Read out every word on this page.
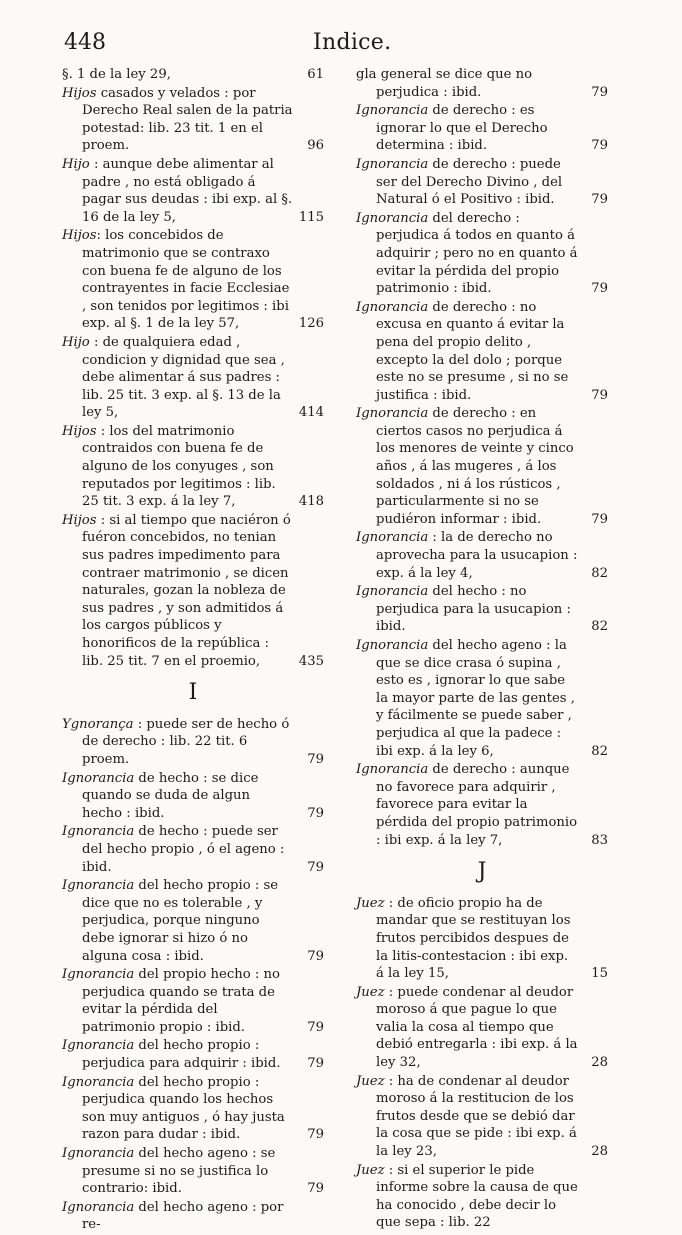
448	Indice.
§. 1 de la ley 29,	61
Hijos casados y velados : por Derecho Real salen de la patria potestad: lib. 23 tit. 1 en el proem.	96
Hijo : aunque debe alimentar al padre , no está obligado á pagar sus deudas : ibi exp. al §. 16 de la ley 5,	115
Hijos: los concebidos de matrimonio que se contraxo con buena fe de alguno de los contrayentes in facie Ecclesiae , son tenidos por legitimos : ibi exp. al §. 1 de la ley 57,	126
Hijo : de qualquiera edad , condicion y dignidad que sea , debe alimentar á sus padres : lib. 25 tit. 3 exp. al §. 13 de la ley 5,	414
Hijos : los del matrimonio contraidos con buena fe de alguno de los conyuges , son reputados por legitimos : lib. 25 tit. 3 exp. á la ley 7,	418
Hijos : si al tiempo que naciéron ó fuéron concebidos, no tenian sus padres impedimento para contraer matrimonio , se dicen naturales, gozan la nobleza de sus padres , y son admitidos á los cargos públicos y honorificos de la república : lib. 25 tit. 7 en el proemio,	435
I
Ygnorança : puede ser de hecho ó de derecho : lib. 22 tit. 6 proem.	79
Ignorancia de hecho : se dice quando se duda de algun hecho : ibid.	79
Ignorancia de hecho : puede ser del hecho propio , ó el ageno : ibid.	79
Ignorancia del hecho propio : se dice que no es tolerable , y perjudica, porque ninguno debe ignorar si hizo ó no alguna cosa : ibid.	79
Ignorancia del propio hecho : no perjudica quando se trata de evitar la pérdida del patrimonio propio : ibid.	79
Ignorancia del hecho propio : perjudica para adquirir : ibid. 79
Ignorancia del hecho propio : perjudica quando los hechos son muy antiguos , ó hay justa razon para dudar : ibid.	79
Ignorancia del hecho ageno : se presume si no se justifica lo contrario: ibid.	79
Ignorancia del hecho ageno : por re-
gla general se dice que no perjudica : ibid.	79
Ignorancia de derecho : es ignorar lo que el Derecho determina : ibid.	79
Ignorancia de derecho : puede ser del Derecho Divino , del Natural ó el Positivo : ibid.	79
Ignorancia del derecho : perjudica á todos en quanto á adquirir ; pero no en quanto á evitar la pérdida del propio patrimonio : ibid.	79
Ignorancia de derecho : no excusa en quanto á evitar la pena del propio delito , excepto la del dolo ; porque este no se presume , si no se justifica : ibid.	79
Ignorancia de derecho : en ciertos casos no perjudica á los menores de veinte y cinco años , á las mugeres , á los soldados , ni á los rústicos , particularmente si no se pudiéron informar : ibid.	79
Ignorancia : la de derecho no aprovecha para la usucapion : exp. á la ley 4,	82
Ignorancia del hecho : no perjudica para la usucapion : ibid.	82
Ignorancia del hecho ageno : la que se dice crasa ó supina , esto es , ignorar lo que sabe la mayor parte de las gentes , y fácilmente se puede saber , perjudica al que la padece : ibi exp. á la ley 6,	82
Ignorancia de derecho : aunque no favorece para adquirir , favorece para evitar la pérdida del propio patrimonio : ibi exp. á la ley 7,	83
J
Juez : de oficio propio ha de mandar que se restituyan los frutos percibidos despues de la litis-contestacion : ibi exp. á la ley 15,	15
Juez : puede condenar al deudor moroso á que pague lo que valia la cosa al tiempo que debió entregarla : ibi exp. á la ley 32,	28
Juez : ha de condenar al deudor moroso á la restitucion de los frutos desde que se debió dar la cosa que se pide : ibi exp. á la ley 23,	28
Juez : si el superior le pide informe sobre la causa de que ha conocido , debe decir lo que sepa : lib. 22
